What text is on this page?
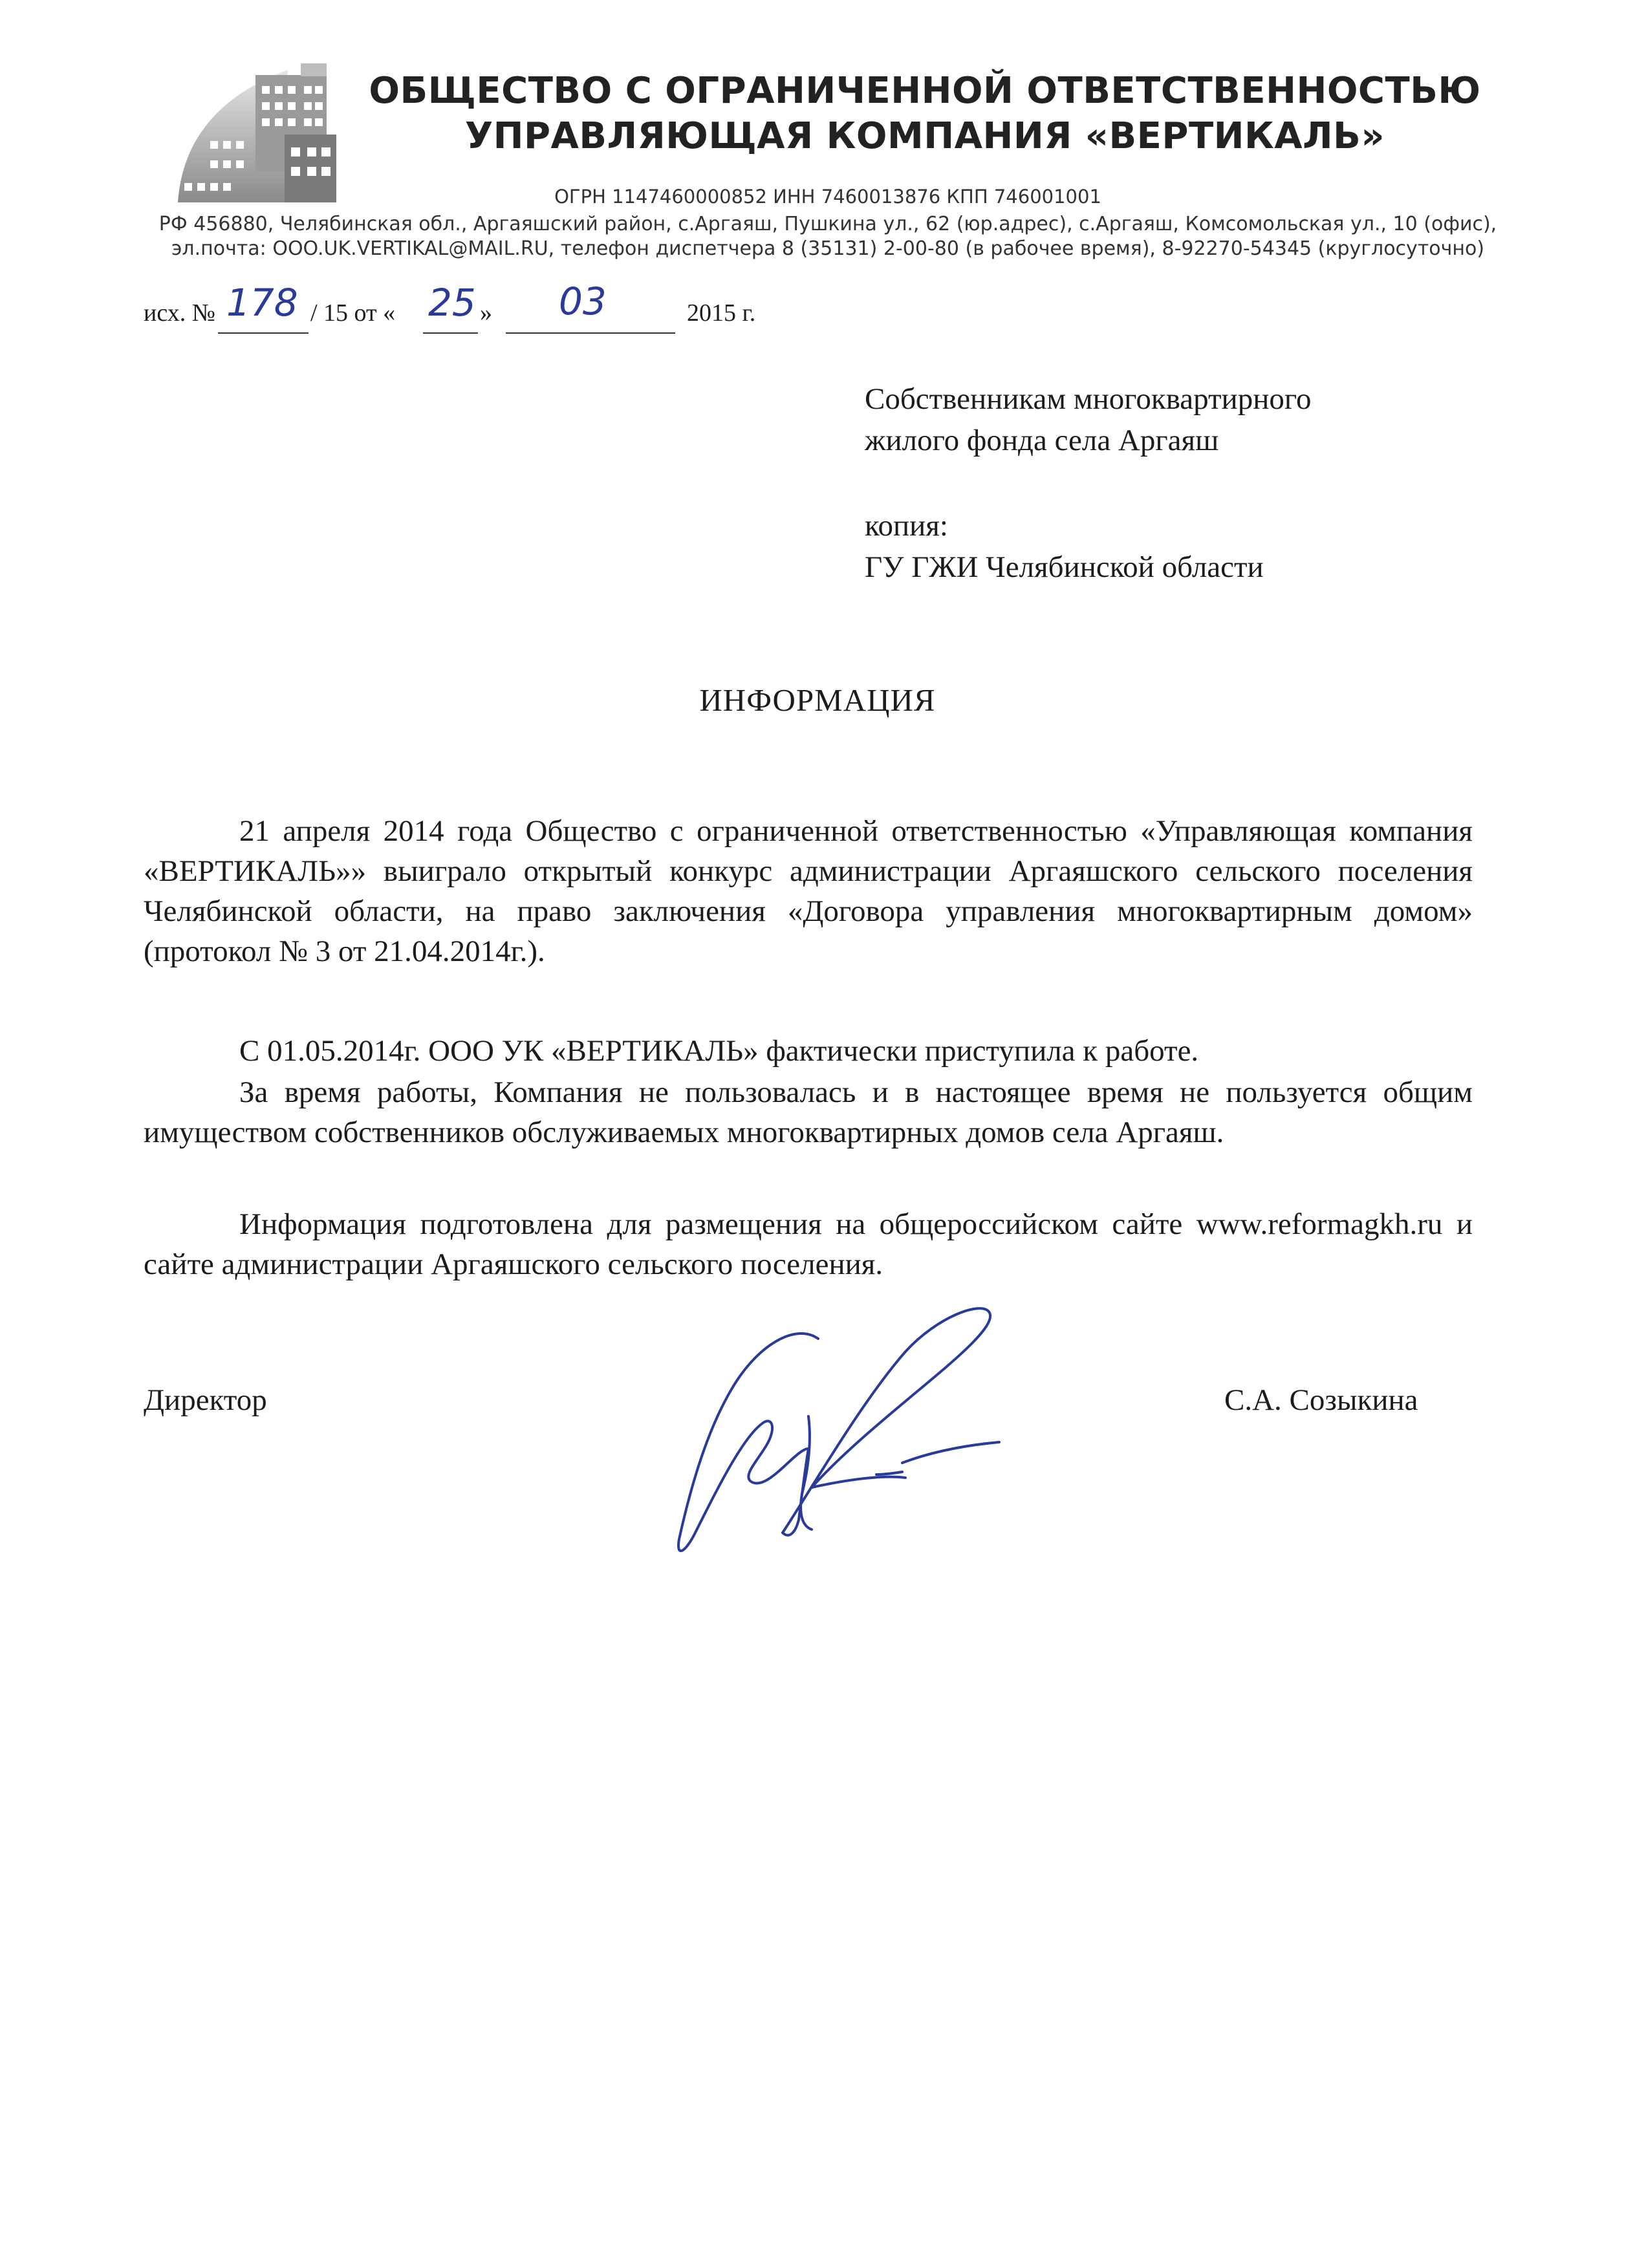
ОБЩЕСТВО С ОГРАНИЧЕННОЙ ОТВЕТСТВЕННОСТЬЮ
УПРАВЛЯЮЩАЯ КОМПАНИЯ «ВЕРТИКАЛЬ»
ОГРН 1147460000852 ИНН 7460013876 КПП 746001001
РФ 456880, Челябинская обл., Аргаяшский район, с.Аргаяш, Пушкина ул., 62 (юр.адрес), с.Аргаяш, Комсомольская ул., 10 (офис),
эл.почта: OOO.UK.VERTIKAL@MAIL.RU, телефон диспетчера 8 (35131) 2-00-80 (в рабочее время), 8-92270-54345 (круглосуточно)
исх. № 178 / 15 от « 25 » 03	2015 г.
Собственникам многоквартирного
жилого фонда села Аргаяш
копия:
ГУ ГЖИ Челябинской области
ИНФОРМАЦИЯ

21 апреля 2014 года Общество с ограниченной ответственностью «Управляющая компания «ВЕРТИКАЛЬ»» выиграло открытый конкурс администрации Аргаяшского сельского поселения Челябинской области, на право заключения «Договора управления многоквартирным домом» (протокол № 3 от 21.04.2014г.).

С 01.05.2014г. ООО УК «ВЕРТИКАЛЬ» фактически приступила к работе.

За время работы, Компания не пользовалась и в настоящее время не пользуется общим имуществом собственников обслуживаемых многоквартирных домов села Аргаяш.

Информация подготовлена для размещения на общероссийском сайте www.reformagkh.ru и сайте администрации Аргаяшского сельского поселения.

Директор	С.А. Созыкина
